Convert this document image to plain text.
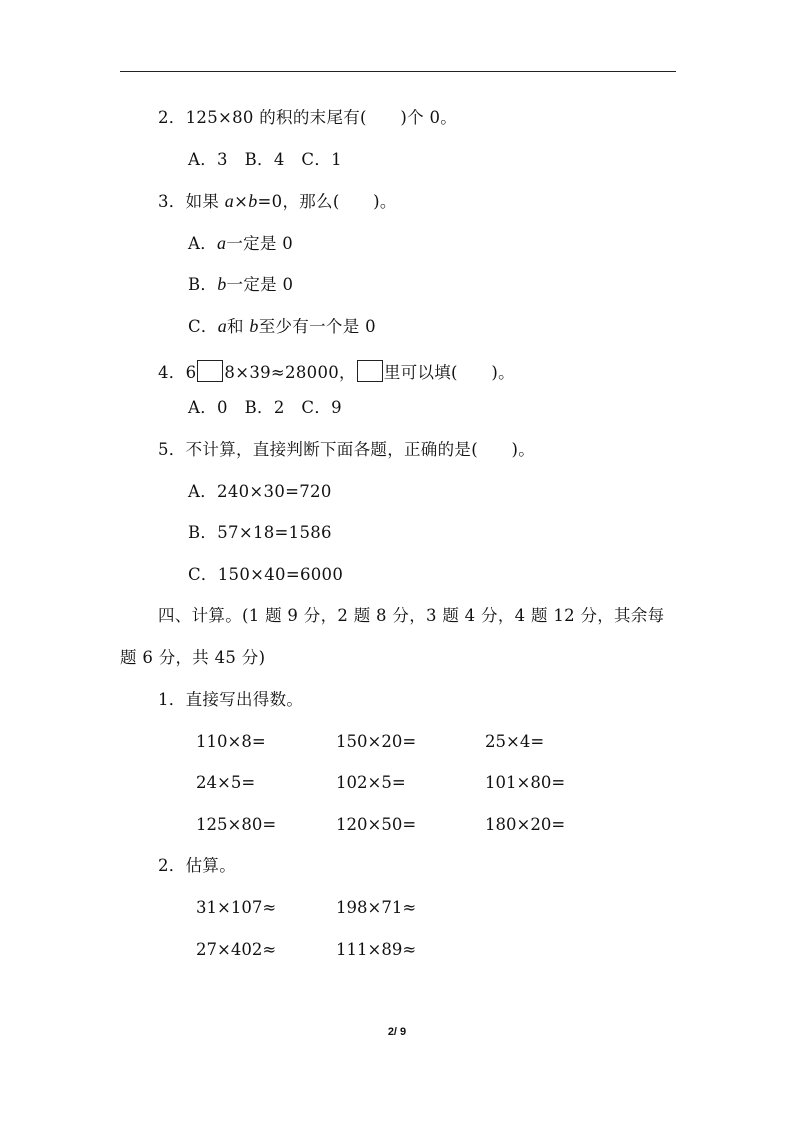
2．125×80 的积的末尾有(　　)个 0。
A．3　B．4　C．1
3．如果 a×b=0，那么(　　)。
A．a一定是 0
B．b一定是 0
C．a和 b至少有一个是 0
4．6 8×39≈28000， 里可以填(　　)。
A．0　B．2　C．9
5．不计算，直接判断下面各题，正确的是(　　)。
A．240×30=720
B．57×18=1586
C．150×40=6000
四、计算。(1 题 9 分，2 题 8 分，3 题 4 分，4 题 12 分，其余每
题 6 分，共 45 分)
1．直接写出得数。
110×8=	150×20=	25×4=
24×5=	102×5=	101×80=
125×80=	120×50=	180×20=
2．估算。
31×107≈	198×71≈
27×402≈	111×89≈
2/ 9
